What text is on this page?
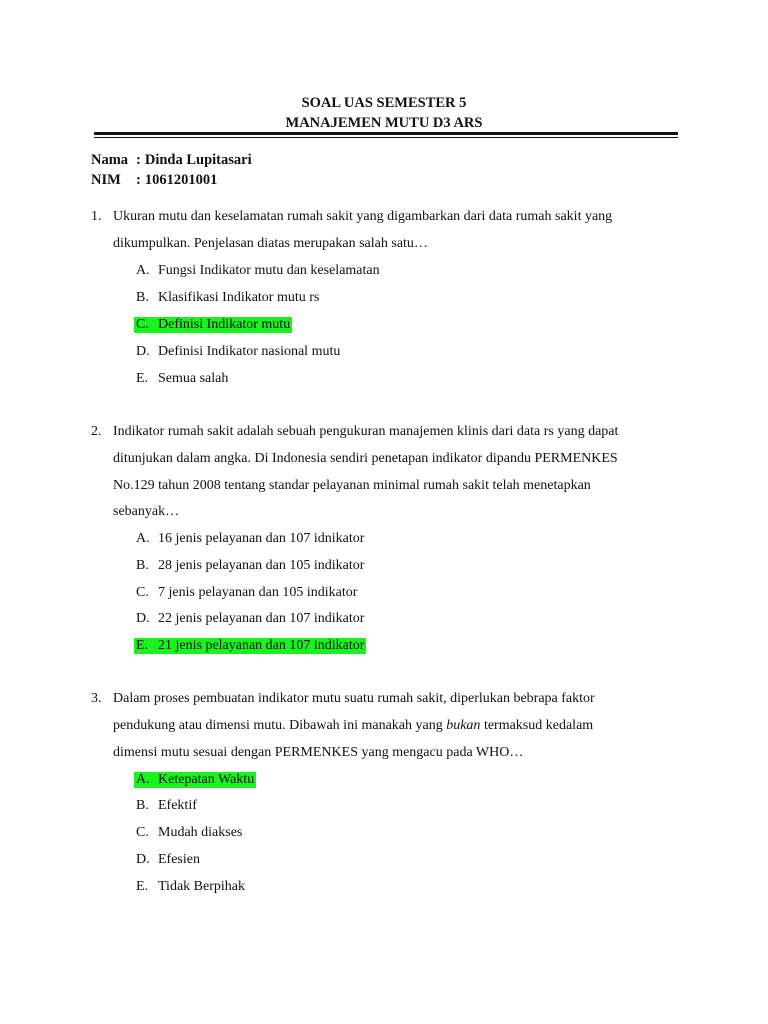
SOAL UAS SEMESTER 5
MANAJEMEN MUTU D3 ARS
Nama : Dinda Lupitasari
NIM : 1061201001
1. Ukuran mutu dan keselamatan rumah sakit yang digambarkan dari data rumah sakit yang
dikumpulkan. Penjelasan diatas merupakan salah satu…
A. Fungsi Indikator mutu dan keselamatan
B. Klasifikasi Indikator mutu rs
C. Definisi Indikator mutu
D. Definisi Indikator nasional mutu
E. Semua salah
2. Indikator rumah sakit adalah sebuah pengukuran manajemen klinis dari data rs yang dapat
ditunjukan dalam angka. Di Indonesia sendiri penetapan indikator dipandu PERMENKES
No.129 tahun 2008 tentang standar pelayanan minimal rumah sakit telah menetapkan
sebanyak…
A. 16 jenis pelayanan dan 107 idnikator
B. 28 jenis pelayanan dan 105 indikator
C. 7 jenis pelayanan dan 105 indikator
D. 22 jenis pelayanan dan 107 indikator
E. 21 jenis pelayanan dan 107 indikator
3. Dalam proses pembuatan indikator mutu suatu rumah sakit, diperlukan bebrapa faktor
pendukung atau dimensi mutu. Dibawah ini manakah yang bukan termaksud kedalam
dimensi mutu sesuai dengan PERMENKES yang mengacu pada WHO…
A. Ketepatan Waktu
B. Efektif
C. Mudah diakses
D. Efesien
E. Tidak Berpihak
